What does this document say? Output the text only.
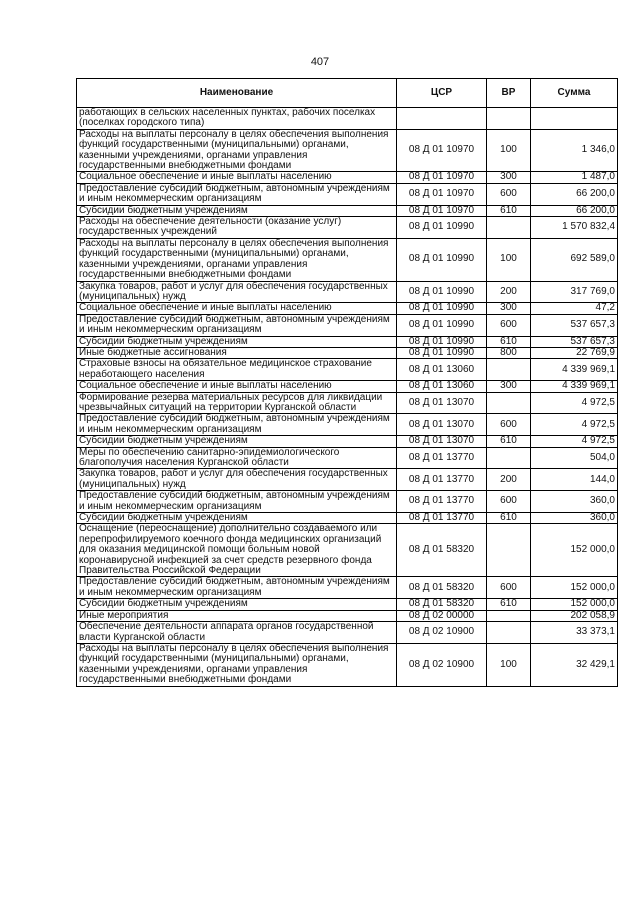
407
Наименование	ЦСР	ВР	Сумма
работающих в сельских населенных пунктах, рабочих поселках (поселках городского типа)			
Расходы на выплаты персоналу в целях обеспечения выполнения функций государственными (муниципальными) органами, казенными учреждениями, органами управления государственными внебюджетными фондами	08 Д 01 10970	100	1 346,0
Социальное обеспечение и иные выплаты населению	08 Д 01 10970	300	1 487,0
Предоставление субсидий бюджетным, автономным учреждениям и иным некоммерческим организациям	08 Д 01 10970	600	66 200,0
Субсидии бюджетным учреждениям	08 Д 01 10970	610	66 200,0
Расходы на обеспечение деятельности (оказание услуг) государственных учреждений	08 Д 01 10990		1 570 832,4
Расходы на выплаты персоналу в целях обеспечения выполнения функций государственными (муниципальными) органами, казенными учреждениями, органами управления государственными внебюджетными фондами	08 Д 01 10990	100	692 589,0
Закупка товаров, работ и услуг для обеспечения государственных (муниципальных) нужд	08 Д 01 10990	200	317 769,0
Социальное обеспечение и иные выплаты населению	08 Д 01 10990	300	47,2
Предоставление субсидий бюджетным, автономным учреждениям и иным некоммерческим организациям	08 Д 01 10990	600	537 657,3
Субсидии бюджетным учреждениям	08 Д 01 10990	610	537 657,3
Иные бюджетные ассигнования	08 Д 01 10990	800	22 769,9
Страховые взносы на обязательное медицинское страхование неработающего населения	08 Д 01 13060		4 339 969,1
Социальное обеспечение и иные выплаты населению	08 Д 01 13060	300	4 339 969,1
Формирование резерва материальных ресурсов для ликвидации чрезвычайных ситуаций на территории Курганской области	08 Д 01 13070		4 972,5
Предоставление субсидий бюджетным, автономным учреждениям и иным некоммерческим организациям	08 Д 01 13070	600	4 972,5
Субсидии бюджетным учреждениям	08 Д 01 13070	610	4 972,5
Меры по обеспечению санитарно-эпидемиологического благополучия населения Курганской области	08 Д 01 13770		504,0
Закупка товаров, работ и услуг для обеспечения государственных (муниципальных) нужд	08 Д 01 13770	200	144,0
Предоставление субсидий бюджетным, автономным учреждениям и иным некоммерческим организациям	08 Д 01 13770	600	360,0
Субсидии бюджетным учреждениям	08 Д 01 13770	610	360,0
Оснащение (переоснащение) дополнительно создаваемого или перепрофилируемого коечного фонда медицинских организаций для оказания медицинской помощи больным новой коронавирусной инфекцией за счет средств резервного фонда Правительства Российской Федерации	08 Д 01 58320		152 000,0
Предоставление субсидий бюджетным, автономным учреждениям и иным некоммерческим организациям	08 Д 01 58320	600	152 000,0
Субсидии бюджетным учреждениям	08 Д 01 58320	610	152 000,0
Иные мероприятия	08 Д 02 00000		202 058,9
Обеспечение деятельности аппарата органов государственной власти Курганской области	08 Д 02 10900		33 373,1
Расходы на выплаты персоналу в целях обеспечения выполнения функций государственными (муниципальными) органами, казенными учреждениями, органами управления государственными внебюджетными фондами	08 Д 02 10900	100	32 429,1
